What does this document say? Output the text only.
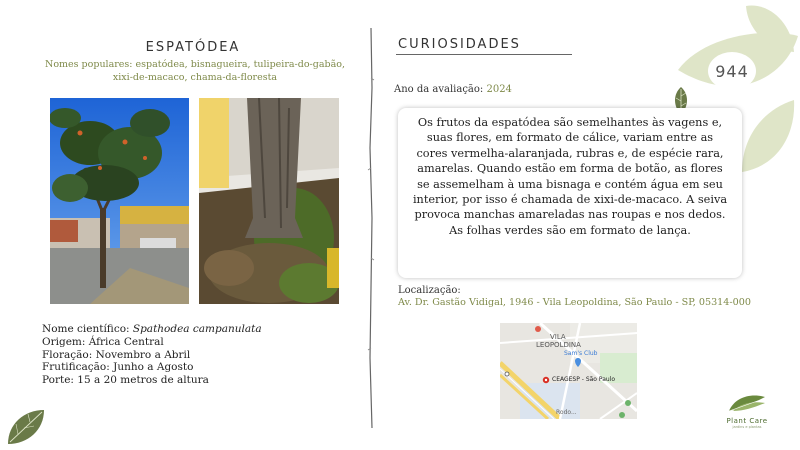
ESPATÓDEA
Nomes populares: espatódea, bisnagueira, tulipeira-do-gabão, xixi-de-macaco, chama-da-floresta
Nome científico: Spathodea campanulata
Origem: África Central
Floração: Novembro a Abril
Frutificação: Junho a Agosto
Porte: 15 a 20 metros de altura
CURIOSIDADES
944
Ano da avaliação: 2024
Os frutos da espatódea são semelhantes às vagens e, suas flores, em formato de cálice, variam entre as cores vermelha-alaranjada, rubras e, de espécie rara, amarelas. Quando estão em forma de botão, as flores se assemelham à uma bisnaga e contém água em seu interior, por isso é chamada de xixi-de-macaco. A seiva provoca manchas amareladas nas roupas e nos dedos. As folhas verdes são em formato de lança.
Localização:
Av. Dr. Gastão Vidigal, 1946 - Vila Leopoldina, São Paulo - SP, 05314-000
VILA
LEOPOLDINA
Sam's Club
CEAGESP - São Paulo
Rodo...
Plant Care
jardins e plantas
